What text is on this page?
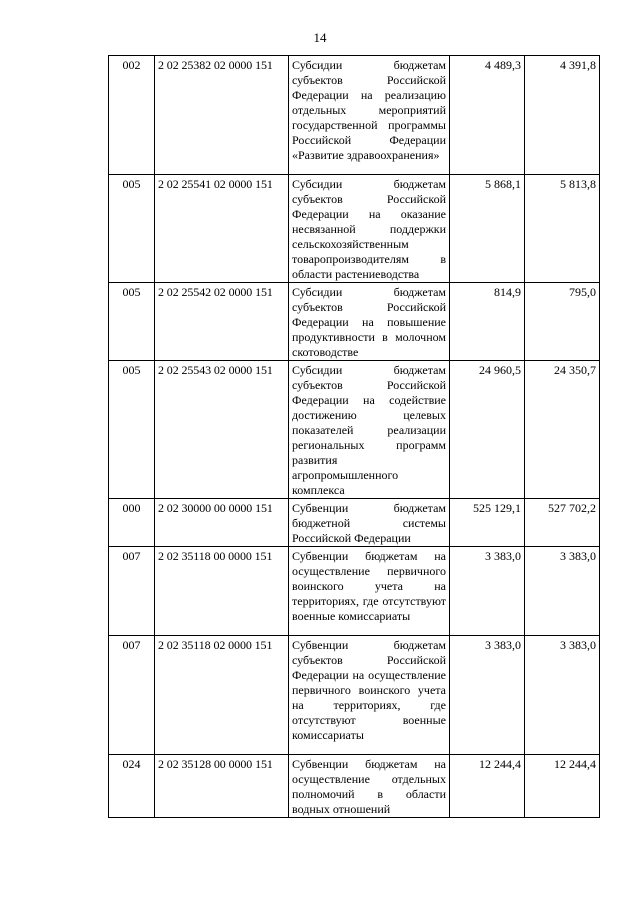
14
002	2 02 25382 02 0000 151	Субсидии бюджетам субъектов Российской Федерации на реализацию отдельных мероприятий государственной программы Российской Федерации «Развитие здравоохранения»	4 489,3	4 391,8
005	2 02 25541 02 0000 151	Субсидии бюджетам субъектов Российской Федерации на оказание несвязанной поддержки сельскохозяйственным товаропроизводителям в области растениеводства	5 868,1	5 813,8
005	2 02 25542 02 0000 151	Субсидии бюджетам субъектов Российской Федерации на повышение продуктивности в молочном скотоводстве	814,9	795,0
005	2 02 25543 02 0000 151	Субсидии бюджетам субъектов Российской Федерации на содействие достижению целевых показателей реализации региональных программ развития агропромышленного комплекса	24 960,5	24 350,7
000	2 02 30000 00 0000 151	Субвенции бюджетам бюджетной системы Российской Федерации	525 129,1	527 702,2
007	2 02 35118 00 0000 151	Субвенции бюджетам на осуществление первичного воинского учета на территориях, где отсутствуют военные комиссариаты	3 383,0	3 383,0
007	2 02 35118 02 0000 151	Субвенции бюджетам субъектов Российской Федерации на осуществление первичного воинского учета на территориях, где отсутствуют военные комиссариаты	3 383,0	3 383,0
024	2 02 35128 00 0000 151	Субвенции бюджетам на осуществление отдельных полномочий в области водных отношений	12 244,4	12 244,4
